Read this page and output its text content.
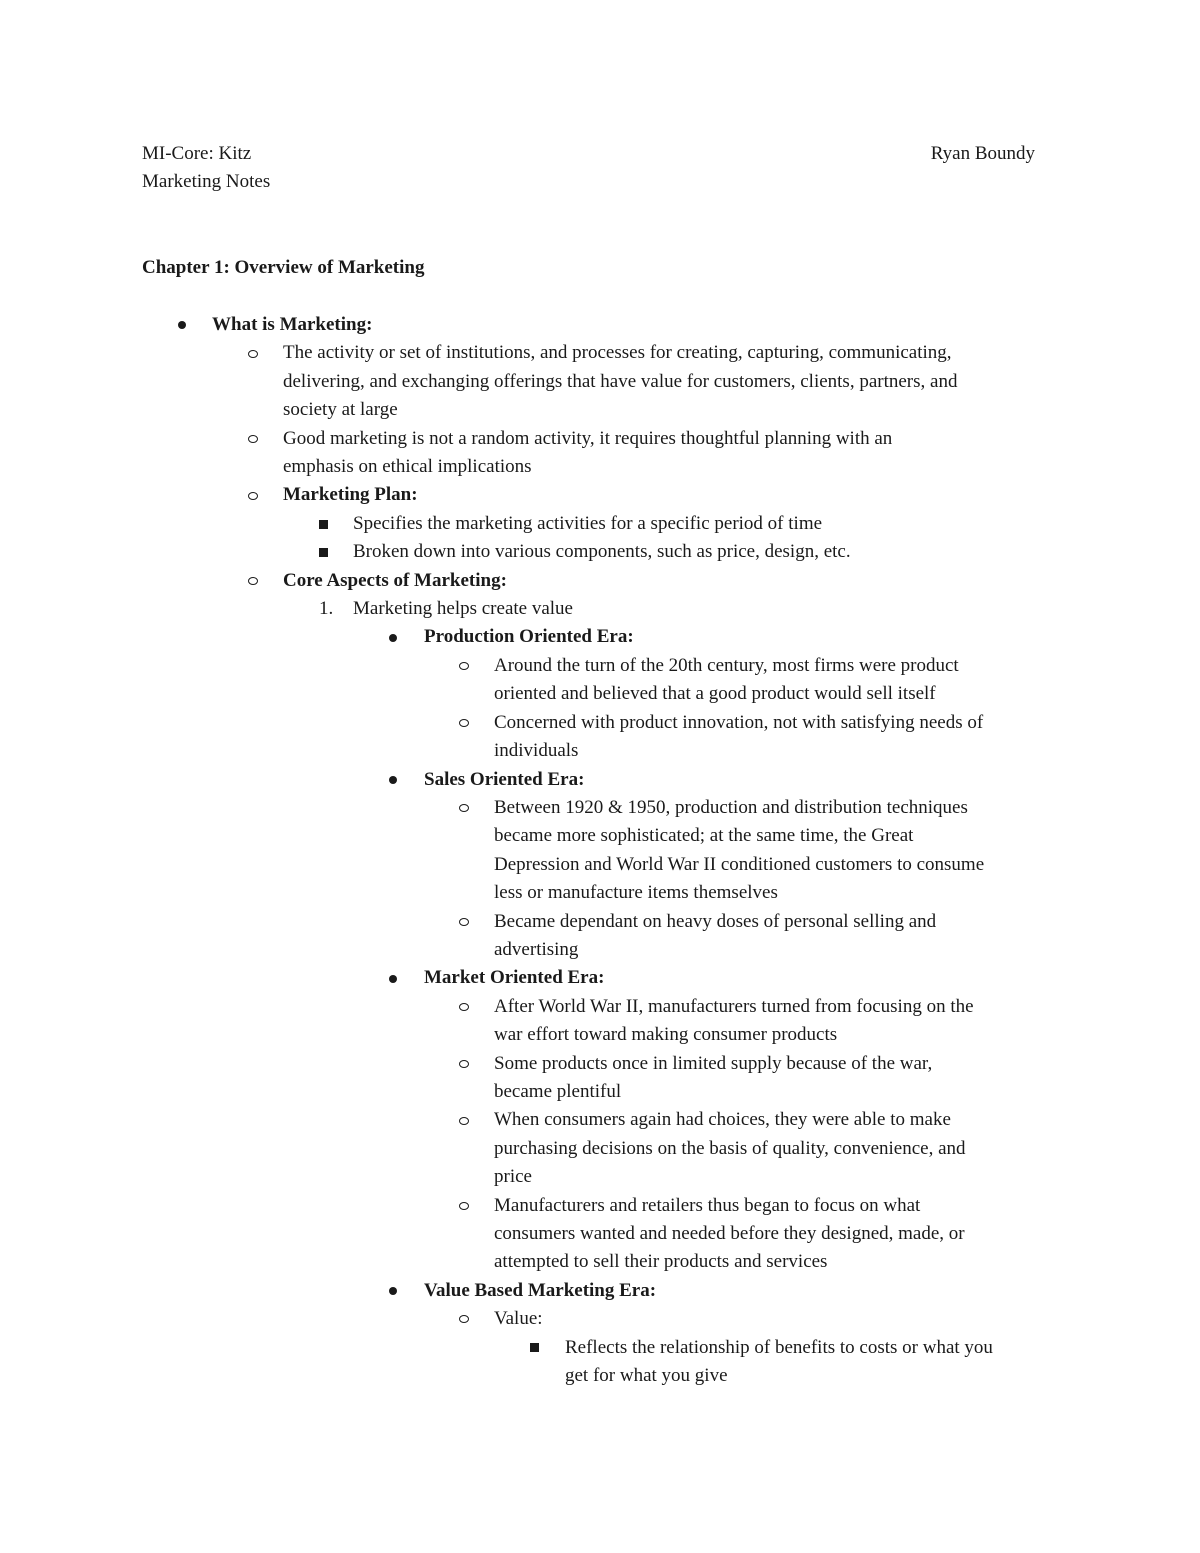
MI-Core: Kitz	Ryan Boundy
Marketing Notes
Chapter 1: Overview of Marketing
What is Marketing:
The activity or set of institutions, and processes for creating, capturing, communicating,
delivering, and exchanging offerings that have value for customers, clients, partners, and
society at large
Good marketing is not a random activity, it requires thoughtful planning with an
emphasis on ethical implications
Marketing Plan:
Specifies the marketing activities for a specific period of time
Broken down into various components, such as price, design, etc.
Core Aspects of Marketing:
1. Marketing helps create value
Production Oriented Era:
Around the turn of the 20th century, most firms were product
oriented and believed that a good product would sell itself
Concerned with product innovation, not with satisfying needs of
individuals
Sales Oriented Era:
Between 1920 & 1950, production and distribution techniques
became more sophisticated; at the same time, the Great
Depression and World War II conditioned customers to consume
less or manufacture items themselves
Became dependant on heavy doses of personal selling and
advertising
Market Oriented Era:
After World War II, manufacturers turned from focusing on the
war effort toward making consumer products
Some products once in limited supply because of the war,
became plentiful
When consumers again had choices, they were able to make
purchasing decisions on the basis of quality, convenience, and
price
Manufacturers and retailers thus began to focus on what
consumers wanted and needed before they designed, made, or
attempted to sell their products and services
Value Based Marketing Era:
Value:
Reflects the relationship of benefits to costs or what you
get for what you give
